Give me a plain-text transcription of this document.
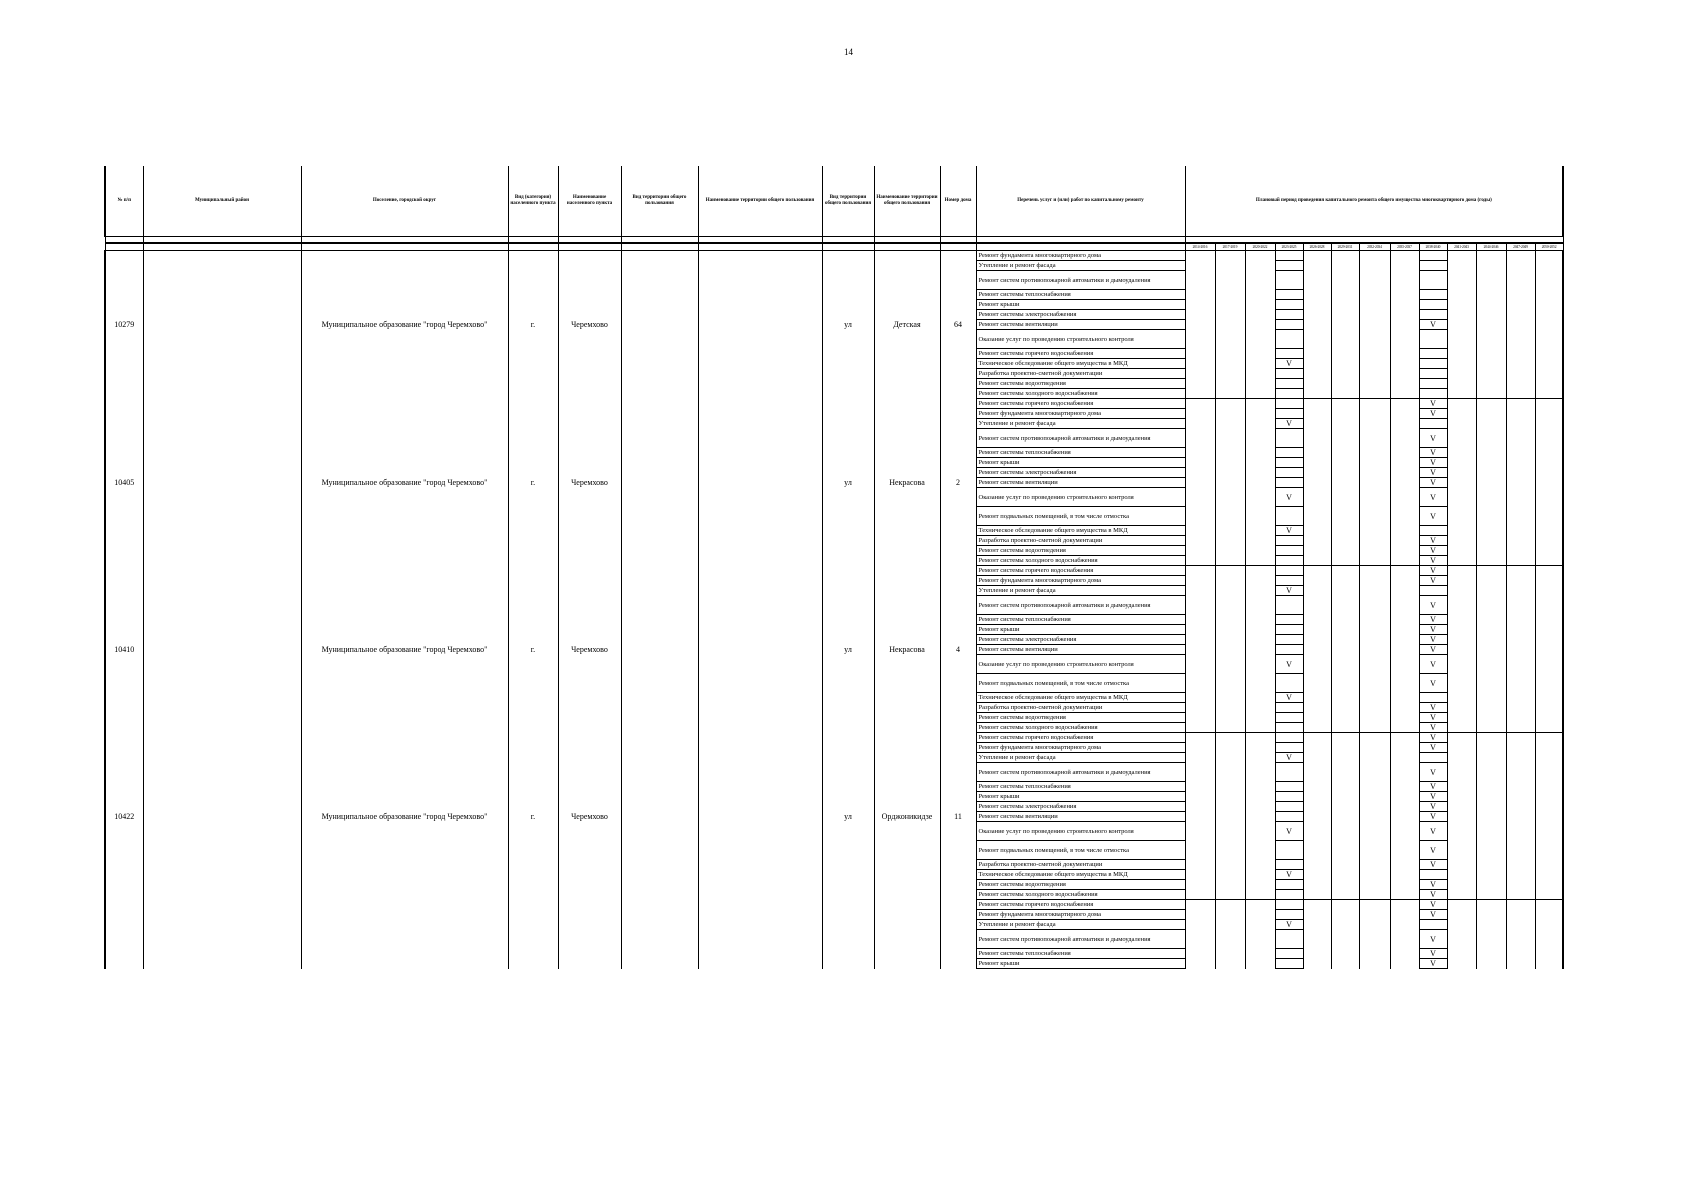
14
№ п/п	Муниципальный район	Поселение, городской округ	Вид (категория) населенного пункта	Наименование населенного пункта	Вид территории общего пользования	Наименование территории общего пользования	Вид территории общего пользования	Наименование территории общего пользования	Номер дома	Перечень услуг и (или) работ по капитальному ремонту	Плановый период проведения капитального ремонта общего имущества многоквартирного дома (годы)												

											2014-2016	2017-2019	2020-2022	2023-2025	2026-2028	2029-2031	2032-2034	2035-2037	2038-2040	2041-2043	2044-2046	2047-2049	2050-2052
10279		Муниципальное образование "город Черемхово"	г.	Черемхово			ул	Детская	64	Ремонт фундамента многоквартирного дома													
										Утепление и ремонт фасада													
										Ремонт систем противопожарной автоматики и дымоудаления													
										Ремонт системы теплоснабжения													
										Ремонт крыши													
										Ремонт системы электроснабжения													
										Ремонт системы вентиляции									V				
										Оказание услуг по проведению строительного контроля													
										Ремонт системы горячего водоснабжения													
										Техническое обследование общего имущества в МКД				V									
										Разработка проектно-сметной документации													
										Ремонт системы водоотведения													
										Ремонт системы холодного водоснабжения													
10405		Муниципальное образование "город Черемхово"	г.	Черемхово			ул	Некрасова	2	Ремонт системы горячего водоснабжения									V				
										Ремонт фундамента многоквартирного дома									V				
										Утепление и ремонт фасада				V									
										Ремонт систем противопожарной автоматики и дымоудаления									V				
										Ремонт системы теплоснабжения									V				
										Ремонт крыши									V				
										Ремонт системы электроснабжения									V				
										Ремонт системы вентиляции									V				
										Оказание услуг по проведению строительного контроля				V					V				
										Ремонт подвальных помещений, в том числе отмостка									V				
										Техническое обследование общего имущества в МКД				V									
										Разработка проектно-сметной документации									V				
										Ремонт системы водоотведения									V				
										Ремонт системы холодного водоснабжения									V				
10410		Муниципальное образование "город Черемхово"	г.	Черемхово			ул	Некрасова	4	Ремонт системы горячего водоснабжения									V				
										Ремонт фундамента многоквартирного дома									V				
										Утепление и ремонт фасада				V									
										Ремонт систем противопожарной автоматики и дымоудаления									V				
										Ремонт системы теплоснабжения									V				
										Ремонт крыши									V				
										Ремонт системы электроснабжения									V				
										Ремонт системы вентиляции									V				
										Оказание услуг по проведению строительного контроля				V					V				
										Ремонт подвальных помещений, в том числе отмостка									V				
										Техническое обследование общего имущества в МКД				V									
										Разработка проектно-сметной документации									V				
										Ремонт системы водоотведения									V				
										Ремонт системы холодного водоснабжения									V				
10422		Муниципальное образование "город Черемхово"	г.	Черемхово			ул	Орджоникидзе	11	Ремонт системы горячего водоснабжения									V				
										Ремонт фундамента многоквартирного дома									V				
										Утепление и ремонт фасада				V									
										Ремонт систем противопожарной автоматики и дымоудаления									V				
										Ремонт системы теплоснабжения									V				
										Ремонт крыши									V				
										Ремонт системы электроснабжения									V				
										Ремонт системы вентиляции									V				
										Оказание услуг по проведению строительного контроля				V					V				
										Ремонт подвальных помещений, в том числе отмостка									V				
										Разработка проектно-сметной документации									V				
										Техническое обследование общего имущества в МКД				V									
										Ремонт системы водоотведения									V				
										Ремонт системы холодного водоснабжения									V				
										Ремонт системы горячего водоснабжения									V				
										Ремонт фундамента многоквартирного дома									V				
										Утепление и ремонт фасада				V									
										Ремонт систем противопожарной автоматики и дымоудаления									V				
										Ремонт системы теплоснабжения									V				
										Ремонт крыши									V				
